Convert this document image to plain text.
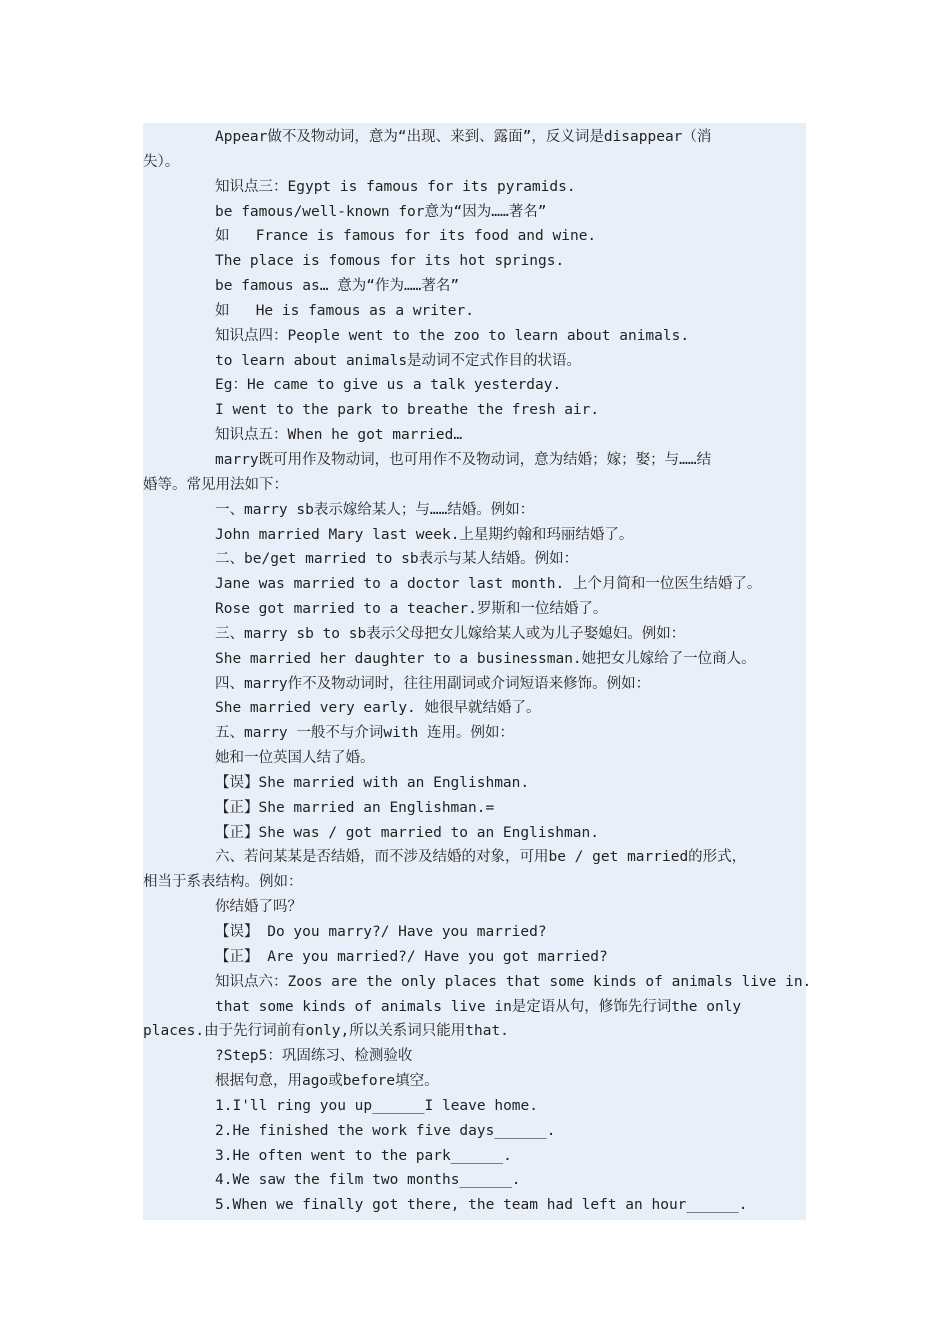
Appear做不及物动词，意为“出现、来到、露面”，反义词是disappear（消
失）。
知识点三：Egypt is famous for its pyramids.
be famous/well-known for意为“因为……著名”
如   France is famous for its food and wine.
The place is fomous for its hot springs.
be famous as… 意为“作为……著名”
如   He is famous as a writer.
知识点四：People went to the zoo to learn about animals.
to learn about animals是动词不定式作目的状语。
Eg：He came to give us a talk yesterday.
I went to the park to breathe the fresh air.
知识点五：When he got married…
marry既可用作及物动词，也可用作不及物动词，意为结婚；嫁；娶；与……结
婚等。常见用法如下：
一、marry sb表示嫁给某人；与……结婚。例如：
John married Mary last week.上星期约翰和玛丽结婚了。
二、be/get married to sb表示与某人结婚。例如：
Jane was married to a doctor last month. 上个月简和一位医生结婚了。
Rose got married to a teacher.罗斯和一位结婚了。
三、marry sb to sb表示父母把女儿嫁给某人或为儿子娶媳妇。例如：
She married her daughter to a businessman.她把女儿嫁给了一位商人。
四、marry作不及物动词时，往往用副词或介词短语来修饰。例如：
She married very early. 她很早就结婚了。
五、marry 一般不与介词with 连用。例如：
她和一位英国人结了婚。
【误】She married with an Englishman.
【正】She married an Englishman.=
【正】She was / got married to an Englishman.
六、若问某某是否结婚，而不涉及结婚的对象，可用be / get married的形式，
相当于系表结构。例如：
你结婚了吗？
【误】 Do you marry?/ Have you married?
【正】 Are you married?/ Have you got married?
知识点六：Zoos are the only places that some kinds of animals live in.
that some kinds of animals live in是定语从句，修饰先行词the only
places.由于先行词前有only,所以关系词只能用that.
?Step5：巩固练习、检测验收
根据句意，用ago或before填空。
1.I'll ring you up______I leave home.
2.He finished the work five days______.
3.He often went to the park______.
4.We saw the film two months______.
5.When we finally got there, the team had left an hour______.
